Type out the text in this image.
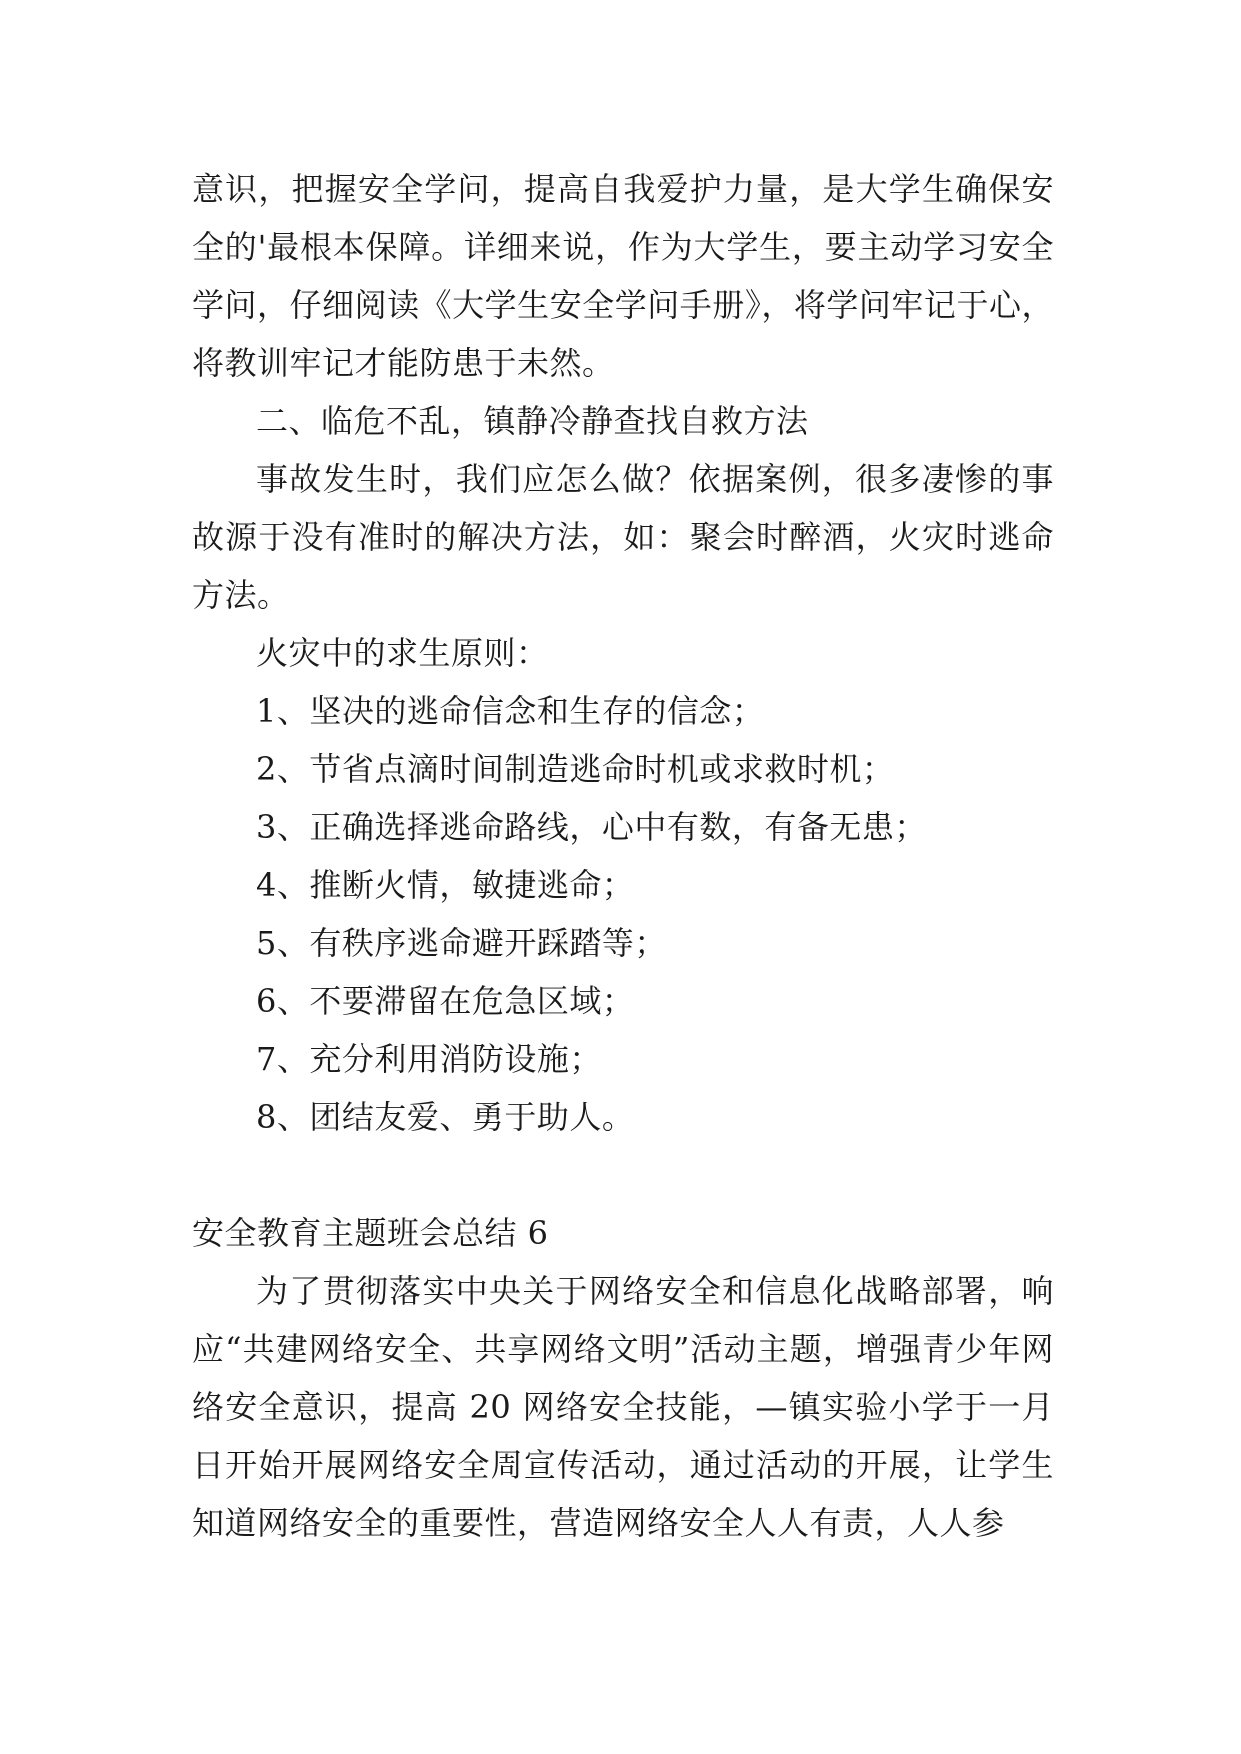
意识，把握安全学问，提高自我爱护力量，是大学生确保安全的'最根本保障。详细来说，作为大学生，要主动学习安全学问，仔细阅读《大学生安全学问手册》，将学问牢记于心，将教训牢记才能防患于未然。

二、临危不乱，镇静冷静查找自救方法

事故发生时，我们应怎么做？依据案例，很多凄惨的事故源于没有准时的解决方法，如：聚会时醉酒，火灾时逃命方法。

火灾中的求生原则：

1、坚决的逃命信念和生存的信念；

2、节省点滴时间制造逃命时机或求救时机；

3、正确选择逃命路线，心中有数，有备无患；

4、推断火情，敏捷逃命；

5、有秩序逃命避开踩踏等；

6、不要滞留在危急区域；

7、充分利用消防设施；

8、团结友爱、勇于助人。

安全教育主题班会总结 6

为了贯彻落实中央关于网络安全和信息化战略部署，响应“共建网络安全、共享网络文明”活动主题，增强青少年网络安全意识，提高 20 网络安全技能，—镇实验小学于一月日开始开展网络安全周宣传活动，通过活动的开展，让学生知道网络安全的重要性，营造网络安全人人有责，人人参
